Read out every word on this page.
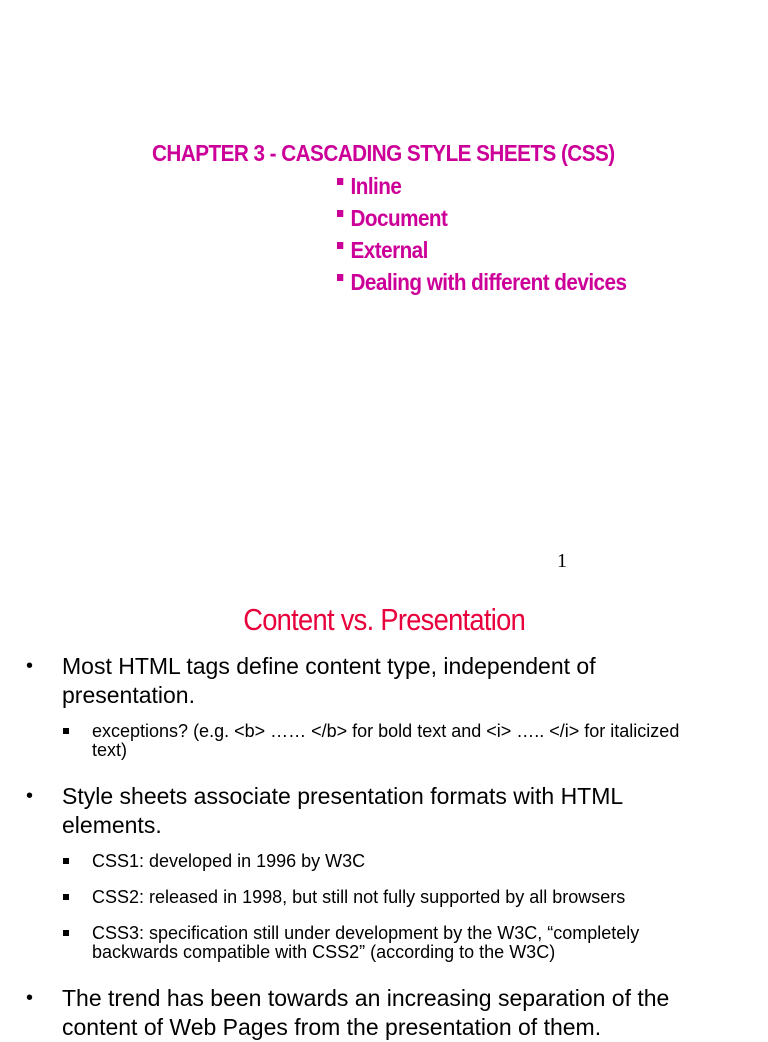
CHAPTER 3 - CASCADING STYLE SHEETS (CSS)
Inline
Document
External
Dealing with different devices
1
Content vs. Presentation
• Most HTML tags define content type, independent of presentation.
exceptions? (e.g. <b> …… </b> for bold text and <i> ….. </i> for italicized text)
• Style sheets associate presentation formats with HTML elements.
CSS1: developed in 1996 by W3C
CSS2: released in 1998, but still not fully supported by all browsers
CSS3: specification still under development by the W3C, “completely backwards compatible with CSS2” (according to the W3C)
• The trend has been towards an increasing separation of the content of Web Pages from the presentation of them.
